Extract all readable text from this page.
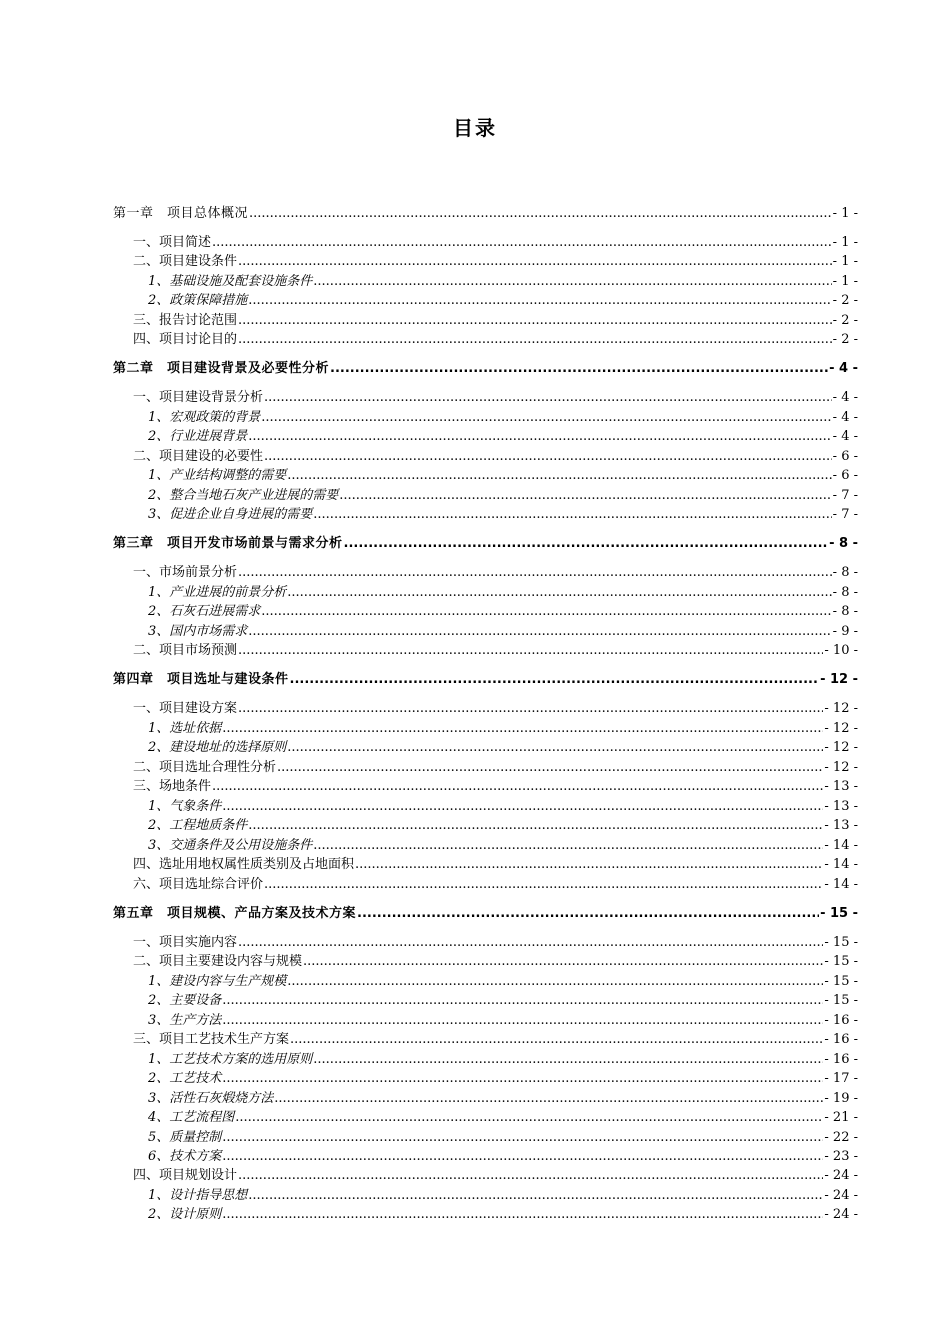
目录
第一章　项目总体概况 .....	- 1 -
一、项目简述 .....	- 1 -
二、项目建设条件 .....	- 1 -
1、基础设施及配套设施条件 .....	- 1 -
2、政策保障措施 .....	- 2 -
三、报告讨论范围 .....	- 2 -
四、项目讨论目的 .....	- 2 -
第二章　项目建设背景及必要性分析 .....	- 4 -
一、项目建设背景分析 .....	- 4 -
1、宏观政策的背景 .....	- 4 -
2、行业进展背景 .....	- 4 -
二、项目建设的必要性 .....	- 6 -
1、产业结构调整的需要 .....	- 6 -
2、整合当地石灰产业进展的需要 .....	- 7 -
3、促进企业自身进展的需要 .....	- 7 -
第三章　项目开发市场前景与需求分析 .....	- 8 -
一、市场前景分析 .....	- 8 -
1、产业进展的前景分析 .....	- 8 -
2、石灰石进展需求 .....	- 8 -
3、国内市场需求 .....	- 9 -
二、项目市场预测 .....	- 10 -
第四章　项目选址与建设条件 .....	- 12 -
一、项目建设方案 .....	- 12 -
1、选址依据 .....	- 12 -
2、建设地址的选择原则 .....	- 12 -
二、项目选址合理性分析 .....	- 12 -
三、场地条件 .....	- 13 -
1、气象条件 .....	- 13 -
2、工程地质条件 .....	- 13 -
3、交通条件及公用设施条件 .....	- 14 -
四、选址用地权属性质类别及占地面积 .....	- 14 -
六、项目选址综合评价 .....	- 14 -
第五章　项目规模、产品方案及技术方案 .....	- 15 -
一、项目实施内容 .....	- 15 -
二、项目主要建设内容与规模 .....	- 15 -
1、建设内容与生产规模 .....	- 15 -
2、主要设备 .....	- 15 -
3、生产方法 .....	- 16 -
三、项目工艺技术生产方案 .....	- 16 -
1、工艺技术方案的选用原则 .....	- 16 -
2、工艺技术 .....	- 17 -
3、活性石灰煅烧方法 .....	- 19 -
4、工艺流程图 .....	- 21 -
5、质量控制 .....	- 22 -
6、技术方案 .....	- 23 -
四、项目规划设计 .....	- 24 -
1、设计指导思想 .....	- 24 -
2、设计原则 .....	- 24 -
